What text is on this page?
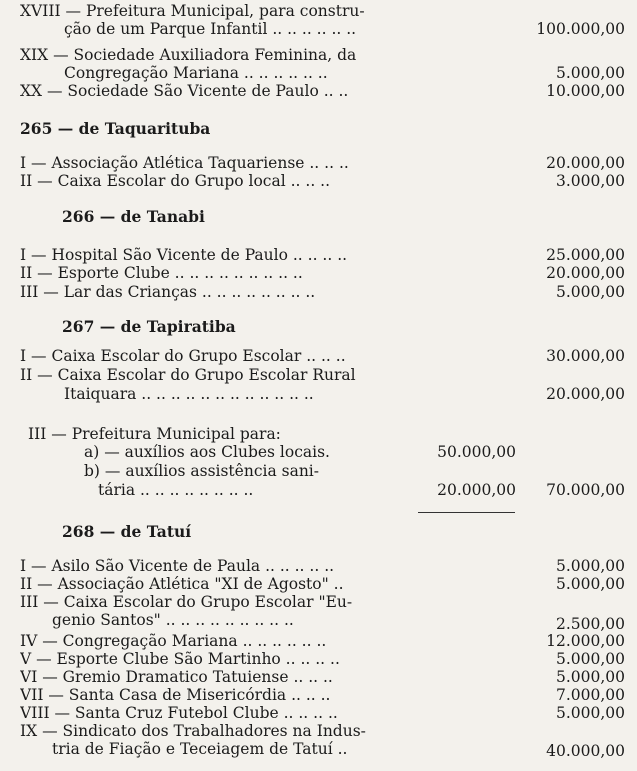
XVIII — Prefeitura Municipal, para constru-
ção de um Parque Infantil .. .. .. .. .. ..	100.000,00
XIX — Sociedade Auxiliadora Feminina, da
Congregação Mariana .. .. .. .. .. ..	5.000,00
XX — Sociedade São Vicente de Paulo .. ..	10.000,00
265 — de Taquarituba
I — Associação Atlética Taquariense .. .. ..	20.000,00
II — Caixa Escolar do Grupo local .. .. ..	3.000,00
266 — de Tanabi
I — Hospital São Vicente de Paulo .. .. .. ..	25.000,00
II — Esporte Clube .. .. .. .. .. .. .. .. ..	20.000,00
III — Lar das Crianças .. .. .. .. .. .. .. ..	5.000,00
267 — de Tapiratiba
I — Caixa Escolar do Grupo Escolar .. .. ..	30.000,00
II — Caixa Escolar do Grupo Escolar Rural
Itaiquara .. .. .. .. .. .. .. .. .. .. .. ..	20.000,00
III — Prefeitura Municipal para:
a) — auxílios aos Clubes locais.	50.000,00
b) — auxílios assistência sani-
tária .. .. .. .. .. .. .. ..	20.000,00	70.000,00
268 — de Tatuí
I — Asilo São Vicente de Paula .. .. .. .. ..	5.000,00
II — Associação Atlética "XI de Agosto" ..	5.000,00
III — Caixa Escolar do Grupo Escolar "Eu-
genio Santos" .. .. .. .. .. .. .. .. ..	2.500,00
IV — Congregação Mariana .. .. .. .. .. ..	12.000,00
V — Esporte Clube São Martinho .. .. .. ..	5.000,00
VI — Gremio Dramatico Tatuiense .. .. ..	5.000,00
VII — Santa Casa de Misericórdia .. .. ..	7.000,00
VIII — Santa Cruz Futebol Clube .. .. .. ..	5.000,00
IX — Sindicato dos Trabalhadores na Indus-
tria de Fiação e Teceiagem de Tatuí ..	40.000,00
